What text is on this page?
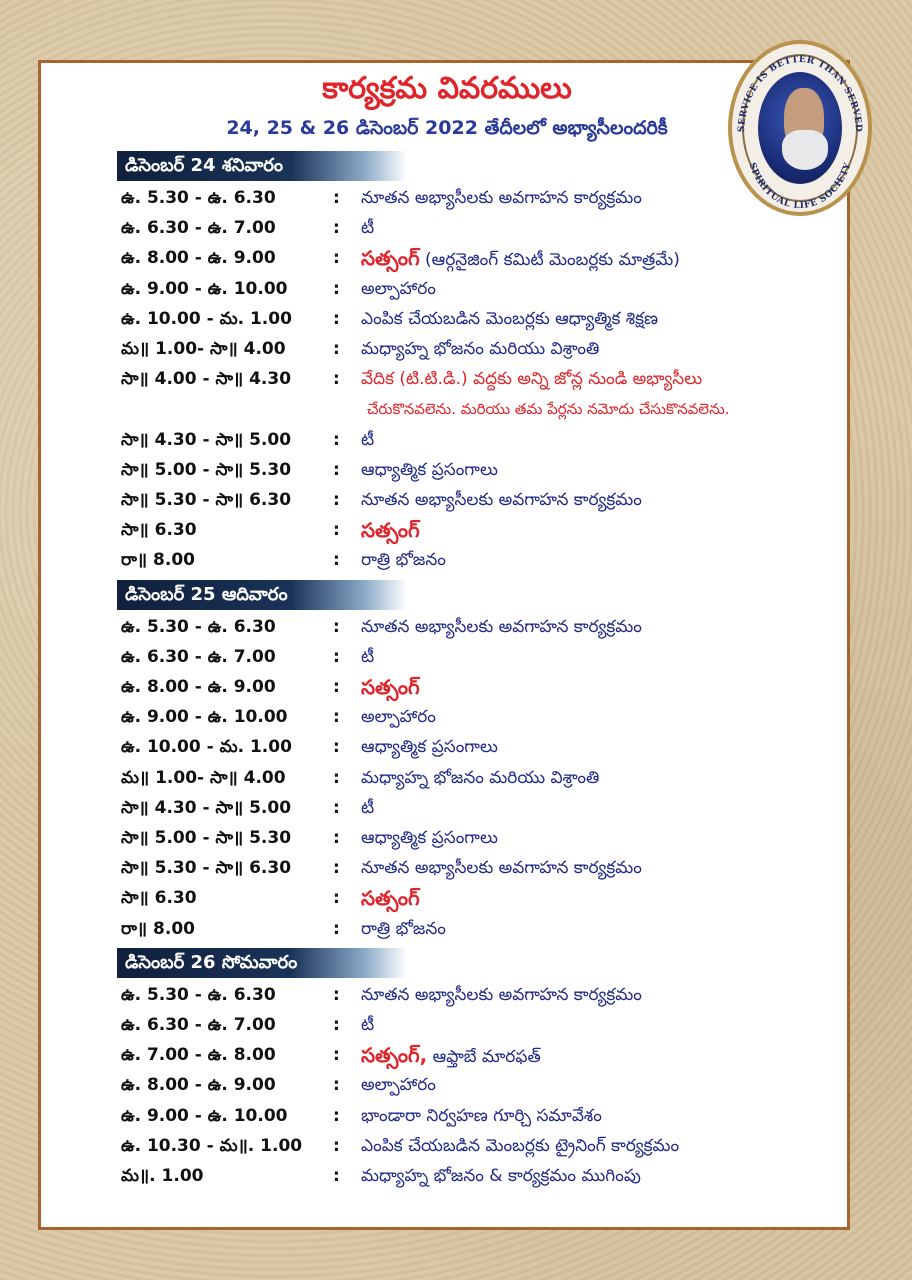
కార్యక్రమ వివరములు
24, 25 & 26 డిసెంబర్ 2022 తేదీలలో అభ్యాసీలందరికీ
డిసెంబర్ 24 శనివారం
ఉ. 5.30 - ఉ. 6.30	: నూతన అభ్యాసీలకు అవగాహన కార్యక్రమం
ఉ. 6.30 - ఉ. 7.00	: టీ
ఉ. 8.00 - ఉ. 9.00	: సత్సంగ్ (ఆర్గనైజింగ్ కమిటీ మెంబర్లకు మాత్రమే)
ఉ. 9.00 - ఉ. 10.00	: అల్పాహారం
ఉ. 10.00 - మ. 1.00 : ఎంపిక చేయబడిన మెంబర్లకు ఆధ్యాత్మిక శిక్షణ
మ॥ 1.00- సా॥ 4.00	: మధ్యాహ్న భోజనం మరియు విశ్రాంతి
సా॥ 4.00 - సా॥ 4.30 : వేదిక (టి.టి.డి.) వద్దకు అన్ని జోన్ల నుండి అభ్యాసీలు
చేరుకొనవలెను. మరియు తమ పేర్లను నమోదు చేసుకొనవలెను.
సా॥ 4.30 - సా॥ 5.00 : టీ
సా॥ 5.00 - సా॥ 5.30 : ఆధ్యాత్మిక ప్రసంగాలు
సా॥ 5.30 - సా॥ 6.30 : నూతన అభ్యాసీలకు అవగాహన కార్యక్రమం
సా॥ 6.30	: సత్సంగ్
రా॥ 8.00	: రాత్రి భోజనం
డిసెంబర్ 25 ఆదివారం
ఉ. 5.30 - ఉ. 6.30	: నూతన అభ్యాసీలకు అవగాహన కార్యక్రమం
ఉ. 6.30 - ఉ. 7.00	: టీ
ఉ. 8.00 - ఉ. 9.00	: సత్సంగ్
ఉ. 9.00 - ఉ. 10.00	: అల్పాహారం
ఉ. 10.00 - మ. 1.00 : ఆధ్యాత్మిక ప్రసంగాలు
మ॥ 1.00- సా॥ 4.00	: మధ్యాహ్న భోజనం మరియు విశ్రాంతి
సా॥ 4.30 - సా॥ 5.00 : టీ
సా॥ 5.00 - సా॥ 5.30 : ఆధ్యాత్మిక ప్రసంగాలు
సా॥ 5.30 - సా॥ 6.30 : నూతన అభ్యాసీలకు అవగాహన కార్యక్రమం
సా॥ 6.30	: సత్సంగ్
రా॥ 8.00	: రాత్రి భోజనం
డిసెంబర్ 26 సోమవారం
ఉ. 5.30 - ఉ. 6.30	: నూతన అభ్యాసీలకు అవగాహన కార్యక్రమం
ఉ. 6.30 - ఉ. 7.00	: టీ
ఉ. 7.00 - ఉ. 8.00	: సత్సంగ్, ఆఫ్తాబే మారఫత్
ఉ. 8.00 - ఉ. 9.00	: అల్పాహారం
ఉ. 9.00 - ఉ. 10.00	: భాండారా నిర్వహణ గూర్చి సమావేశం
ఉ. 10.30 - మ॥. 1.00 : ఎంపిక చేయబడిన మెంబర్లకు ట్రైనింగ్ కార్యక్రమం
మ॥. 1.00	: మధ్యాహ్న భోజనం & కార్యక్రమం ముగింపు
SERVICE IS BETTER THAN SERVED
SPIRITUAL LIFE SOCIETY
